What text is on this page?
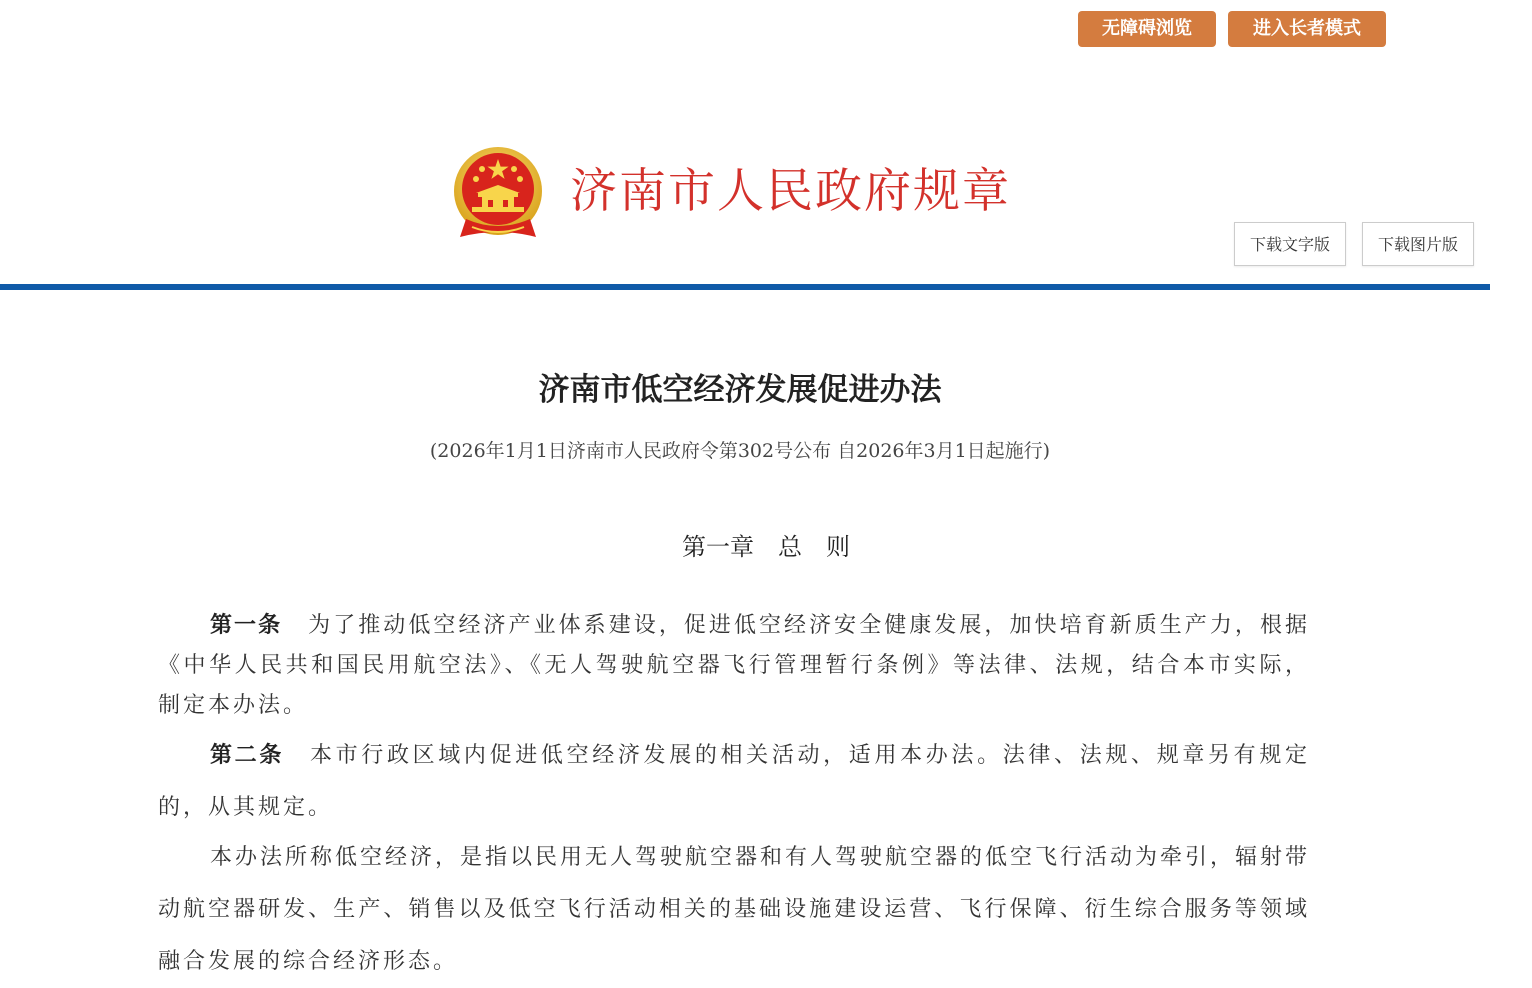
无障碍浏览	进入长者模式
济南市人民政府规章
下载文字版	下载图片版
济南市低空经济发展促进办法
(2026年1月1日济南市人民政府令第302号公布 自2026年3月1日起施行)
第一章　总　则

第一条 为了推动低空经济产业体系建设，促进低空经济安全健康发展，加快培育新质生产力，根据《中华人民共和国民用航空法》、《无人驾驶航空器飞行管理暂行条例》等法律、法规，结合本市实际，制定本办法。

第二条 本市行政区域内促进低空经济发展的相关活动，适用本办法。法律、法规、规章另有规定的，从其规定。

本办法所称低空经济，是指以民用无人驾驶航空器和有人驾驶航空器的低空飞行活动为牵引，辐射带动航空器研发、生产、销售以及低空飞行活动相关的基础设施建设运营、飞行保障、衍生综合服务等领域融合发展的综合经济形态。
